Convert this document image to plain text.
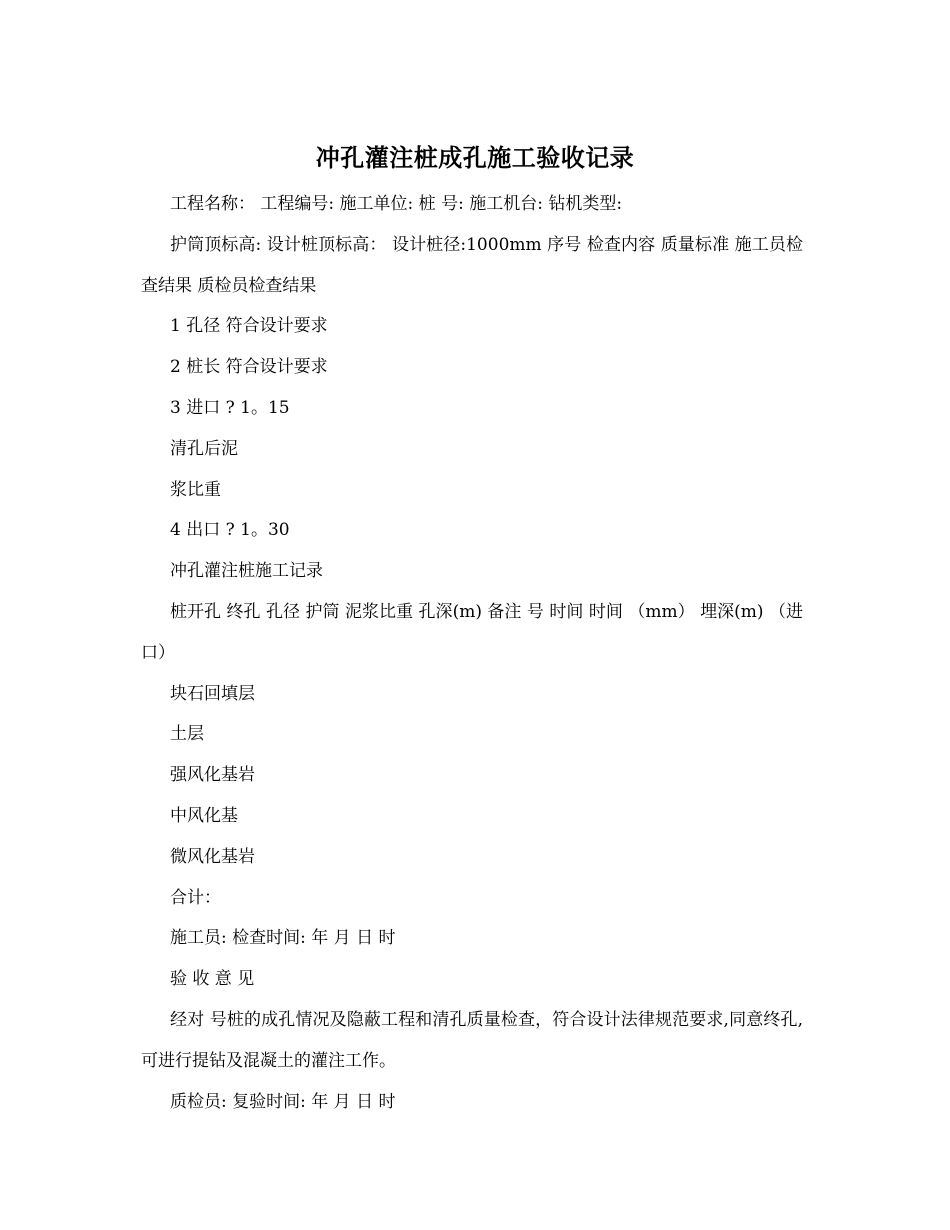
冲孔灌注桩成孔施工验收记录

工程名称： 工程编号: 施工单位: 桩 号: 施工机台: 钻机类型:

护筒顶标高: 设计桩顶标高： 设计桩径:1000mm 序号 检查内容 质量标准 施工员检查结果 质检员检查结果

1 孔径 符合设计要求

2 桩长 符合设计要求

3 进口 ? 1。15

清孔后泥

浆比重

4 出口 ? 1。30

冲孔灌注桩施工记录

桩开孔 终孔 孔径 护筒 泥浆比重 孔深(m) 备注 号 时间 时间 （mm） 埋深(m) （进口）

块石回填层

土层

强风化基岩

中风化基

微风化基岩

合计：

施工员: 检查时间: 年 月 日 时

验 收 意 见

经对 号桩的成孔情况及隐蔽工程和清孔质量检查，符合设计法律规范要求,同意终孔,可进行提钻及混凝土的灌注工作。

质检员: 复验时间: 年 月 日 时
